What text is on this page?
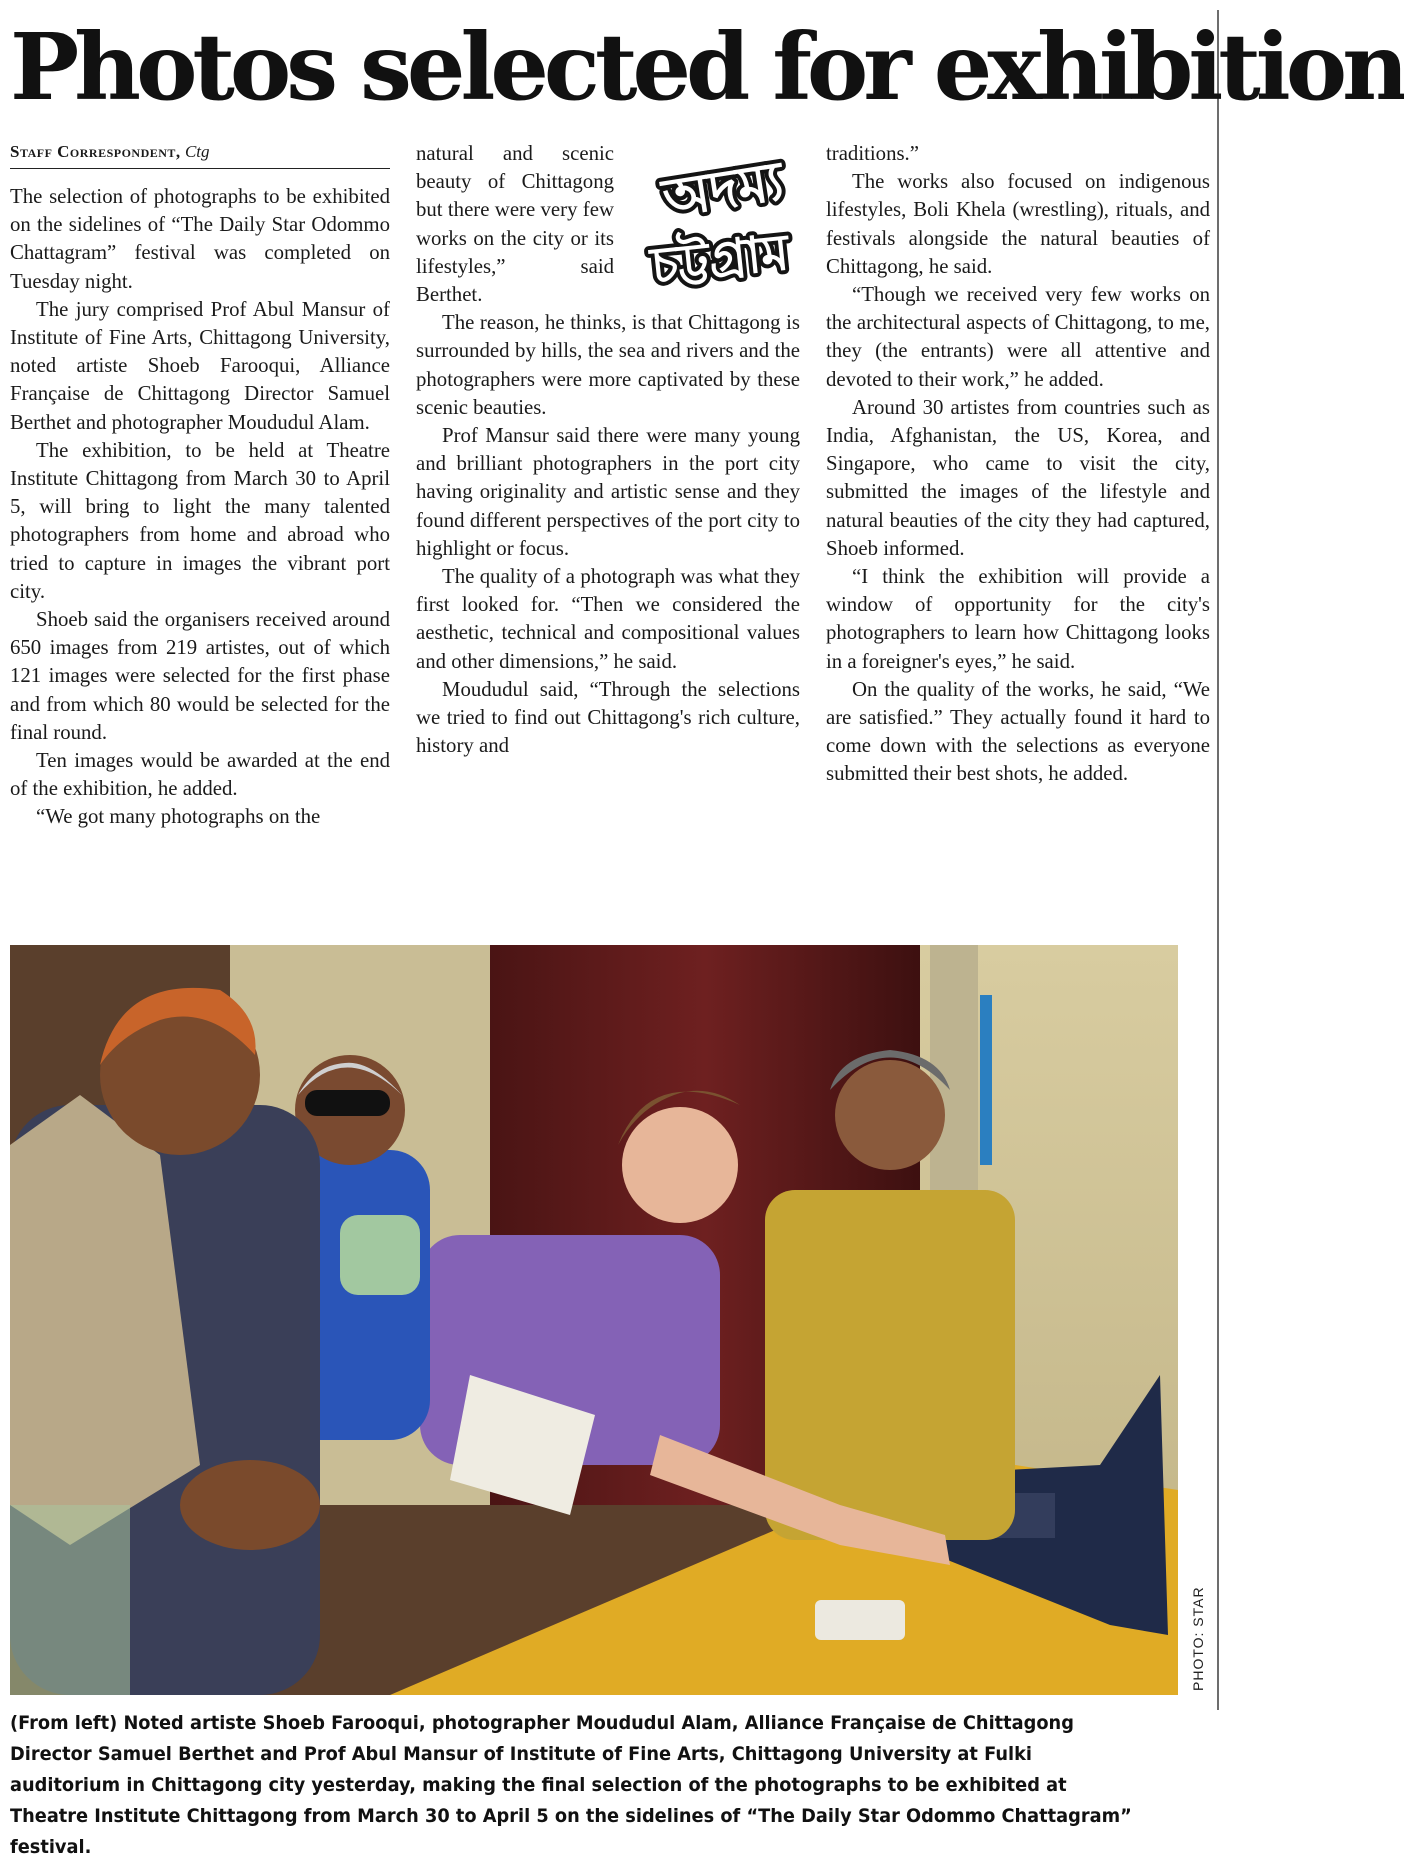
Photos selected for exhibition
Staff Correspondent, Ctg

The selection of photographs to be exhibited on the sidelines of “The Daily Star Odommo Chattagram” festival was completed on Tuesday night.

The jury comprised Prof Abul Mansur of Institute of Fine Arts, Chittagong University, noted artiste Shoeb Farooqui, Alliance Française de Chittagong Director Samuel Berthet and photographer Moududul Alam.

The exhibition, to be held at Theatre Institute Chittagong from March 30 to April 5, will bring to light the many talented photographers from home and abroad who tried to capture in images the vibrant port city.

Shoeb said the organisers received around 650 images from 219 artistes, out of which 121 images were selected for the first phase and from which 80 would be selected for the final round.

Ten images would be awarded at the end of the exhibition, he added.

“We got many photographs on the

অদম্য
চট্টগ্রাম

natural and scenic beauty of Chittagong but there were very few works on the city or its lifestyles,” said Berthet.

The reason, he thinks, is that Chittagong is surrounded by hills, the sea and rivers and the photographers were more captivated by these scenic beauties.

Prof Mansur said there were many young and brilliant photographers in the port city having originality and artistic sense and they found different perspectives of the port city to highlight or focus.

The quality of a photograph was what they first looked for. “Then we considered the aesthetic, technical and compositional values and other dimensions,” he said.

Moududul said, “Through the selections we tried to find out Chittagong's rich culture, history and

traditions.”

The works also focused on indigenous lifestyles, Boli Khela (wrestling), rituals, and festivals alongside the natural beauties of Chittagong, he said.

“Though we received very few works on the architectural aspects of Chittagong, to me, they (the entrants) were all attentive and devoted to their work,” he added.

Around 30 artistes from countries such as India, Afghanistan, the US, Korea, and Singapore, who came to visit the city, submitted the images of the lifestyle and natural beauties of the city they had captured, Shoeb informed.

“I think the exhibition will provide a window of opportunity for the city's photographers to learn how Chittagong looks in a foreigner's eyes,” he said.

On the quality of the works, he said, “We are satisfied.” They actually found it hard to come down with the selections as everyone submitted their best shots, he added.

PHOTO: STAR

(From left) Noted artiste Shoeb Farooqui, photographer Moududul Alam, Alliance Française de Chittagong Director Samuel Berthet and Prof Abul Mansur of Institute of Fine Arts, Chittagong University at Fulki auditorium in Chittagong city yesterday, making the final selection of the photographs to be exhibited at Theatre Institute Chittagong from March 30 to April 5 on the sidelines of “The Daily Star Odommo Chattagram” festival.
